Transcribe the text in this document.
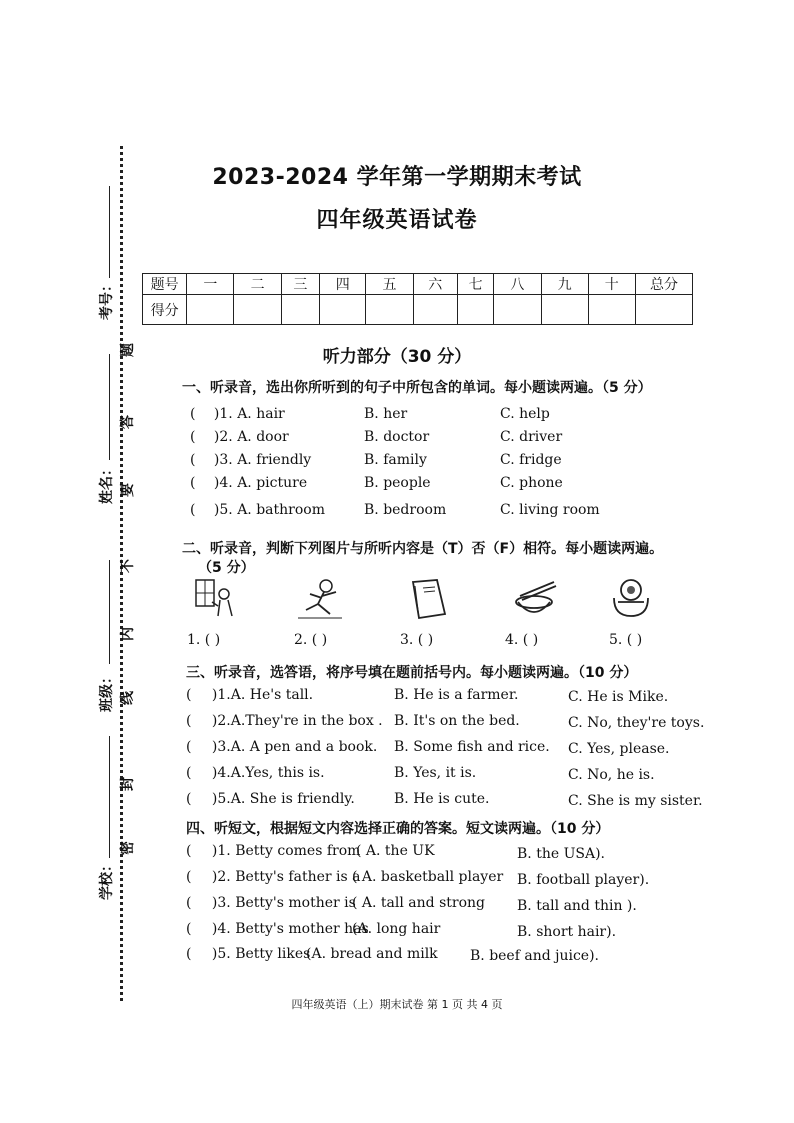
考号：
姓名：
班级：
学校：
题
答
要
不
内
线
封
密
2023-2024 学年第一学期期末考试
四年级英语试卷
题号	一	二	三	四	五	六	七	八	九	十	总分
得分											
听力部分（30 分）
一、听录音，选出你所听到的句子中所包含的单词。每小题读两遍。（5 分）
( )1. A. hair	B. her	C. help
( )2. A. door	B. doctor	C. driver
( )3. A. friendly	B. family	C. fridge
( )4. A. picture	B. people	C. phone
( )5. A. bathroom	B. bedroom	C. living room
二、听录音，判断下列图片与所听内容是（T）否（F）相符。每小题读两遍。
（5 分）
1. ( )	2. ( )	3. ( )	4. ( )	5. ( )
三、听录音，选答语，将序号填在题前括号内。每小题读两遍。（10 分）
( )1.A. He's tall.	B. He is a farmer.	C. He is Mike.
( )2.A.They're in the box . B. It's on the bed.	C. No, they're toys.
( )3.A. A pen and a book. B. Some fish and rice. C. Yes, please.
( )4.A.Yes, this is.	B. Yes, it is.	C. No, he is.
( )5.A. She is friendly.	B. He is cute.	C. She is my sister.
四、听短文，根据短文内容选择正确的答案。短文读两遍。（10 分）
( )1. Betty comes from
( A. the UK	B. the USA).
( )2. Betty's father is a
( A. basketball player B. football player).
( )3. Betty's mother is
( A. tall and strong B. tall and thin ).
( )4. Betty's mother has
(A. long hair	B. short hair).
( )5. Betty likes
(A. bread and milk B. beef and juice).
四年级英语（上）期末试卷 第 1 页 共 4 页
